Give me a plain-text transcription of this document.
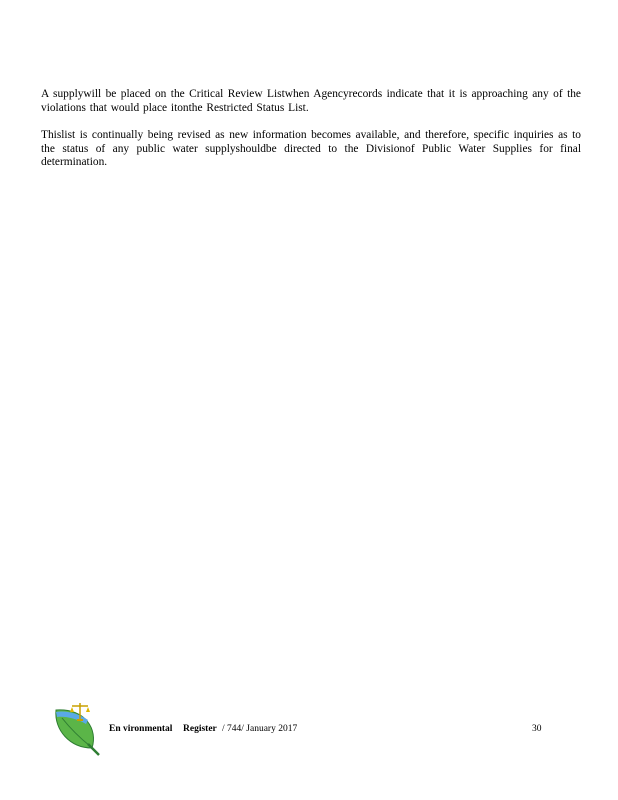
A supplywill be placed on the Critical Review Listwhen Agencyrecords indicate that it is approaching any of the violations that would place itonthe Restricted Status List.

Thislist is continually being revised as new information becomes available, and therefore, specific inquiries as to the status of any public water supplyshouldbe directed to the Divisionof Public Water Supplies for final determination.

En vironmental Register / 744/ January 2017	30
